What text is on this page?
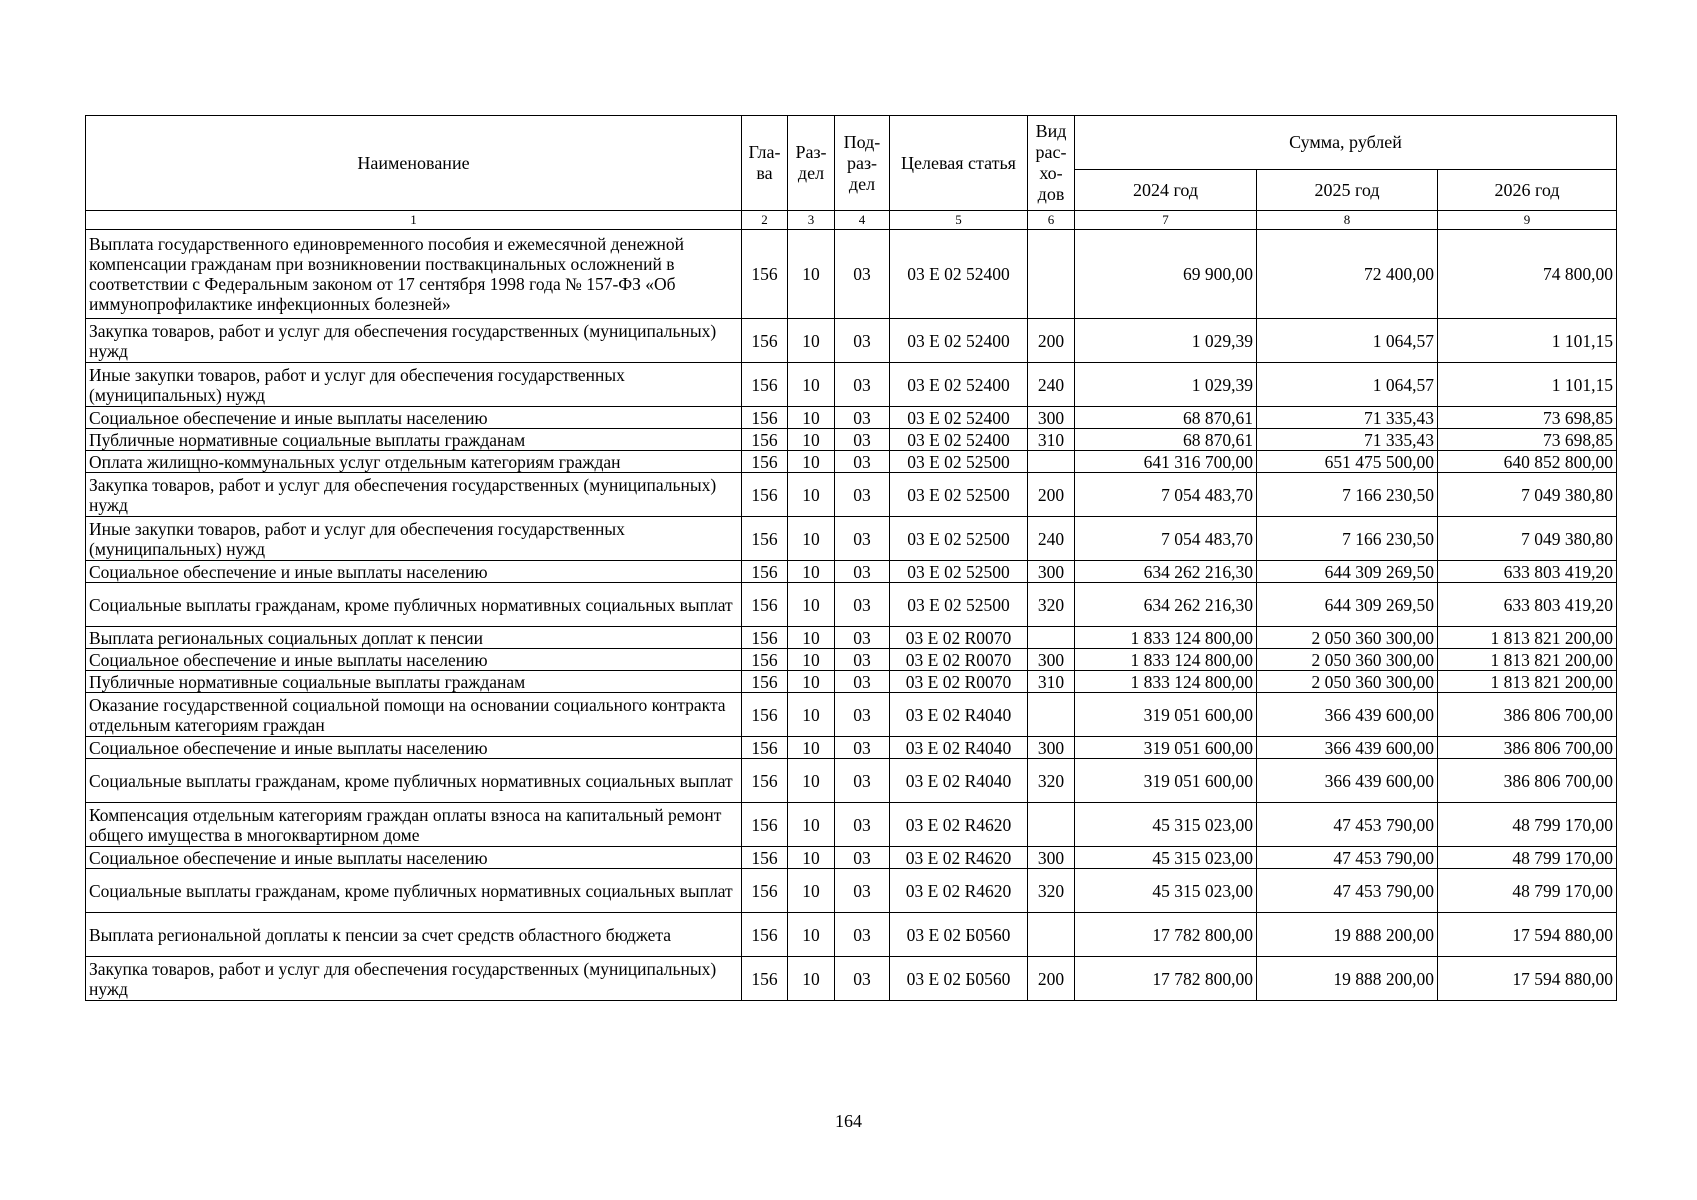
Наименование	Гла-ва	Раз-дел	Под-раз-дел	Целевая статья	Вид рас-хо-дов	Сумма, рублей		
						2024 год	2025 год	2026 год
1	2	3	4	5	6	7	8	9
Выплата государственного единовременного пособия и ежемесячной денежной компенсации гражданам при возникновении поствакцинальных осложнений в соответствии с Федеральным законом от 17 сентября 1998 года № 157-ФЗ «Об иммунопрофилактике инфекционных болезней»	156	10	03	03 Е 02 52400		69 900,00	72 400,00	74 800,00
Закупка товаров, работ и услуг для обеспечения государственных (муниципальных) нужд	156	10	03	03 Е 02 52400	200	1 029,39	1 064,57	1 101,15
Иные закупки товаров, работ и услуг для обеспечения государственных (муниципальных) нужд	156	10	03	03 Е 02 52400	240	1 029,39	1 064,57	1 101,15
Социальное обеспечение и иные выплаты населению	156	10	03	03 Е 02 52400	300	68 870,61	71 335,43	73 698,85
Публичные нормативные социальные выплаты гражданам	156	10	03	03 Е 02 52400	310	68 870,61	71 335,43	73 698,85
Оплата жилищно-коммунальных услуг отдельным категориям граждан	156	10	03	03 Е 02 52500		641 316 700,00	651 475 500,00	640 852 800,00
Закупка товаров, работ и услуг для обеспечения государственных (муниципальных) нужд	156	10	03	03 Е 02 52500	200	7 054 483,70	7 166 230,50	7 049 380,80
Иные закупки товаров, работ и услуг для обеспечения государственных (муниципальных) нужд	156	10	03	03 Е 02 52500	240	7 054 483,70	7 166 230,50	7 049 380,80
Социальное обеспечение и иные выплаты населению	156	10	03	03 Е 02 52500	300	634 262 216,30	644 309 269,50	633 803 419,20
Социальные выплаты гражданам, кроме публичных нормативных социальных выплат	156	10	03	03 Е 02 52500	320	634 262 216,30	644 309 269,50	633 803 419,20
Выплата региональных социальных доплат к пенсии	156	10	03	03 Е 02 R0070		1 833 124 800,00	2 050 360 300,00	1 813 821 200,00
Социальное обеспечение и иные выплаты населению	156	10	03	03 Е 02 R0070	300	1 833 124 800,00	2 050 360 300,00	1 813 821 200,00
Публичные нормативные социальные выплаты гражданам	156	10	03	03 Е 02 R0070	310	1 833 124 800,00	2 050 360 300,00	1 813 821 200,00
Оказание государственной социальной помощи на основании социального контракта отдельным категориям граждан	156	10	03	03 Е 02 R4040		319 051 600,00	366 439 600,00	386 806 700,00
Социальное обеспечение и иные выплаты населению	156	10	03	03 Е 02 R4040	300	319 051 600,00	366 439 600,00	386 806 700,00
Социальные выплаты гражданам, кроме публичных нормативных социальных выплат	156	10	03	03 Е 02 R4040	320	319 051 600,00	366 439 600,00	386 806 700,00
Компенсация отдельным категориям граждан оплаты взноса на капитальный ремонт общего имущества в многоквартирном доме	156	10	03	03 Е 02 R4620		45 315 023,00	47 453 790,00	48 799 170,00
Социальное обеспечение и иные выплаты населению	156	10	03	03 Е 02 R4620	300	45 315 023,00	47 453 790,00	48 799 170,00
Социальные выплаты гражданам, кроме публичных нормативных социальных выплат	156	10	03	03 Е 02 R4620	320	45 315 023,00	47 453 790,00	48 799 170,00
Выплата региональной доплаты к пенсии за счет средств областного бюджета	156	10	03	03 Е 02 Б0560		17 782 800,00	19 888 200,00	17 594 880,00
Закупка товаров, работ и услуг для обеспечения государственных (муниципальных) нужд	156	10	03	03 Е 02 Б0560	200	17 782 800,00	19 888 200,00	17 594 880,00
164
